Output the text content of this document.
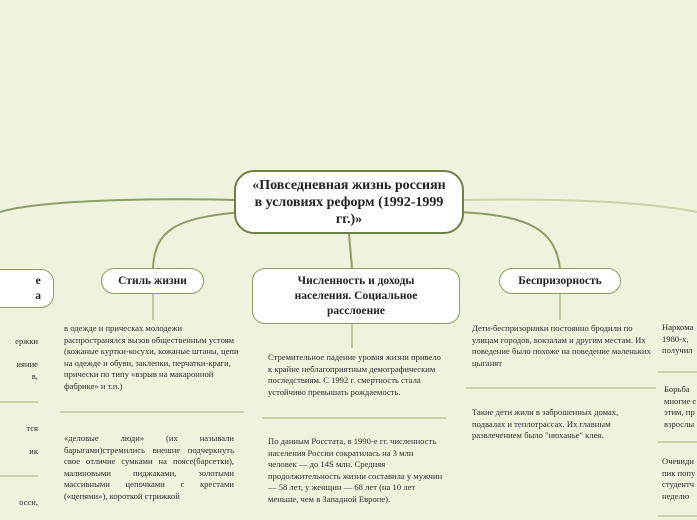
«Повседневная жизнь россиян в условиях реформ (1992-1999 гг.)»
е
а
Стиль жизни	Численность и доходы населения. Социальное расслоение
Беспризорность
ержки

ияние
в,
тся

ик

осси,
в одежде и прическах молодежи распространялся вызов общественным устоям (кожаные куртки-косухи, кожаные штаны, цепи на одежде и обуви, заклепки, перчатки-краги, прически по типу «взрыв на макаронной фабрике» и т.п.)
«деловые люди» (их называли барыгами)стремились внешне подчеркнуть свое отличие сумками на поясе(барсетки), малиновыми пиджаками, золотыми массивными цепочками с крестами («цепями»), короткой стрижкой
Стремительное падение уровня жизни привело к крайне неблагоприятным демографическим последствиям. С 1992 г. смертность стала устойчиво превышать рождаемость.
По данным Росстата, в 1990-е гг. численность населения России сократилась на 3 млн человек — до 14S млн. Средняя продолжительность жизни составила у мужчин — 58 лет, у женщин — 68 лет (на 10 лет меньше, чем в Западной Европе).
Дети-беспризорники постоянно бродили по улицам городов, вокзалам и другим местам. Их поведение было похоже на поведение маленьких цыганят
Такие дети жили в заброшенных домах, подвалах и теплотрассах. Их главным развлечением было "нюханье" клея.
Наркома
1980-х,
получил
Борьба
многие с
этим, пр
взрослы
Очевиди
пик попу
студентч
неделю
